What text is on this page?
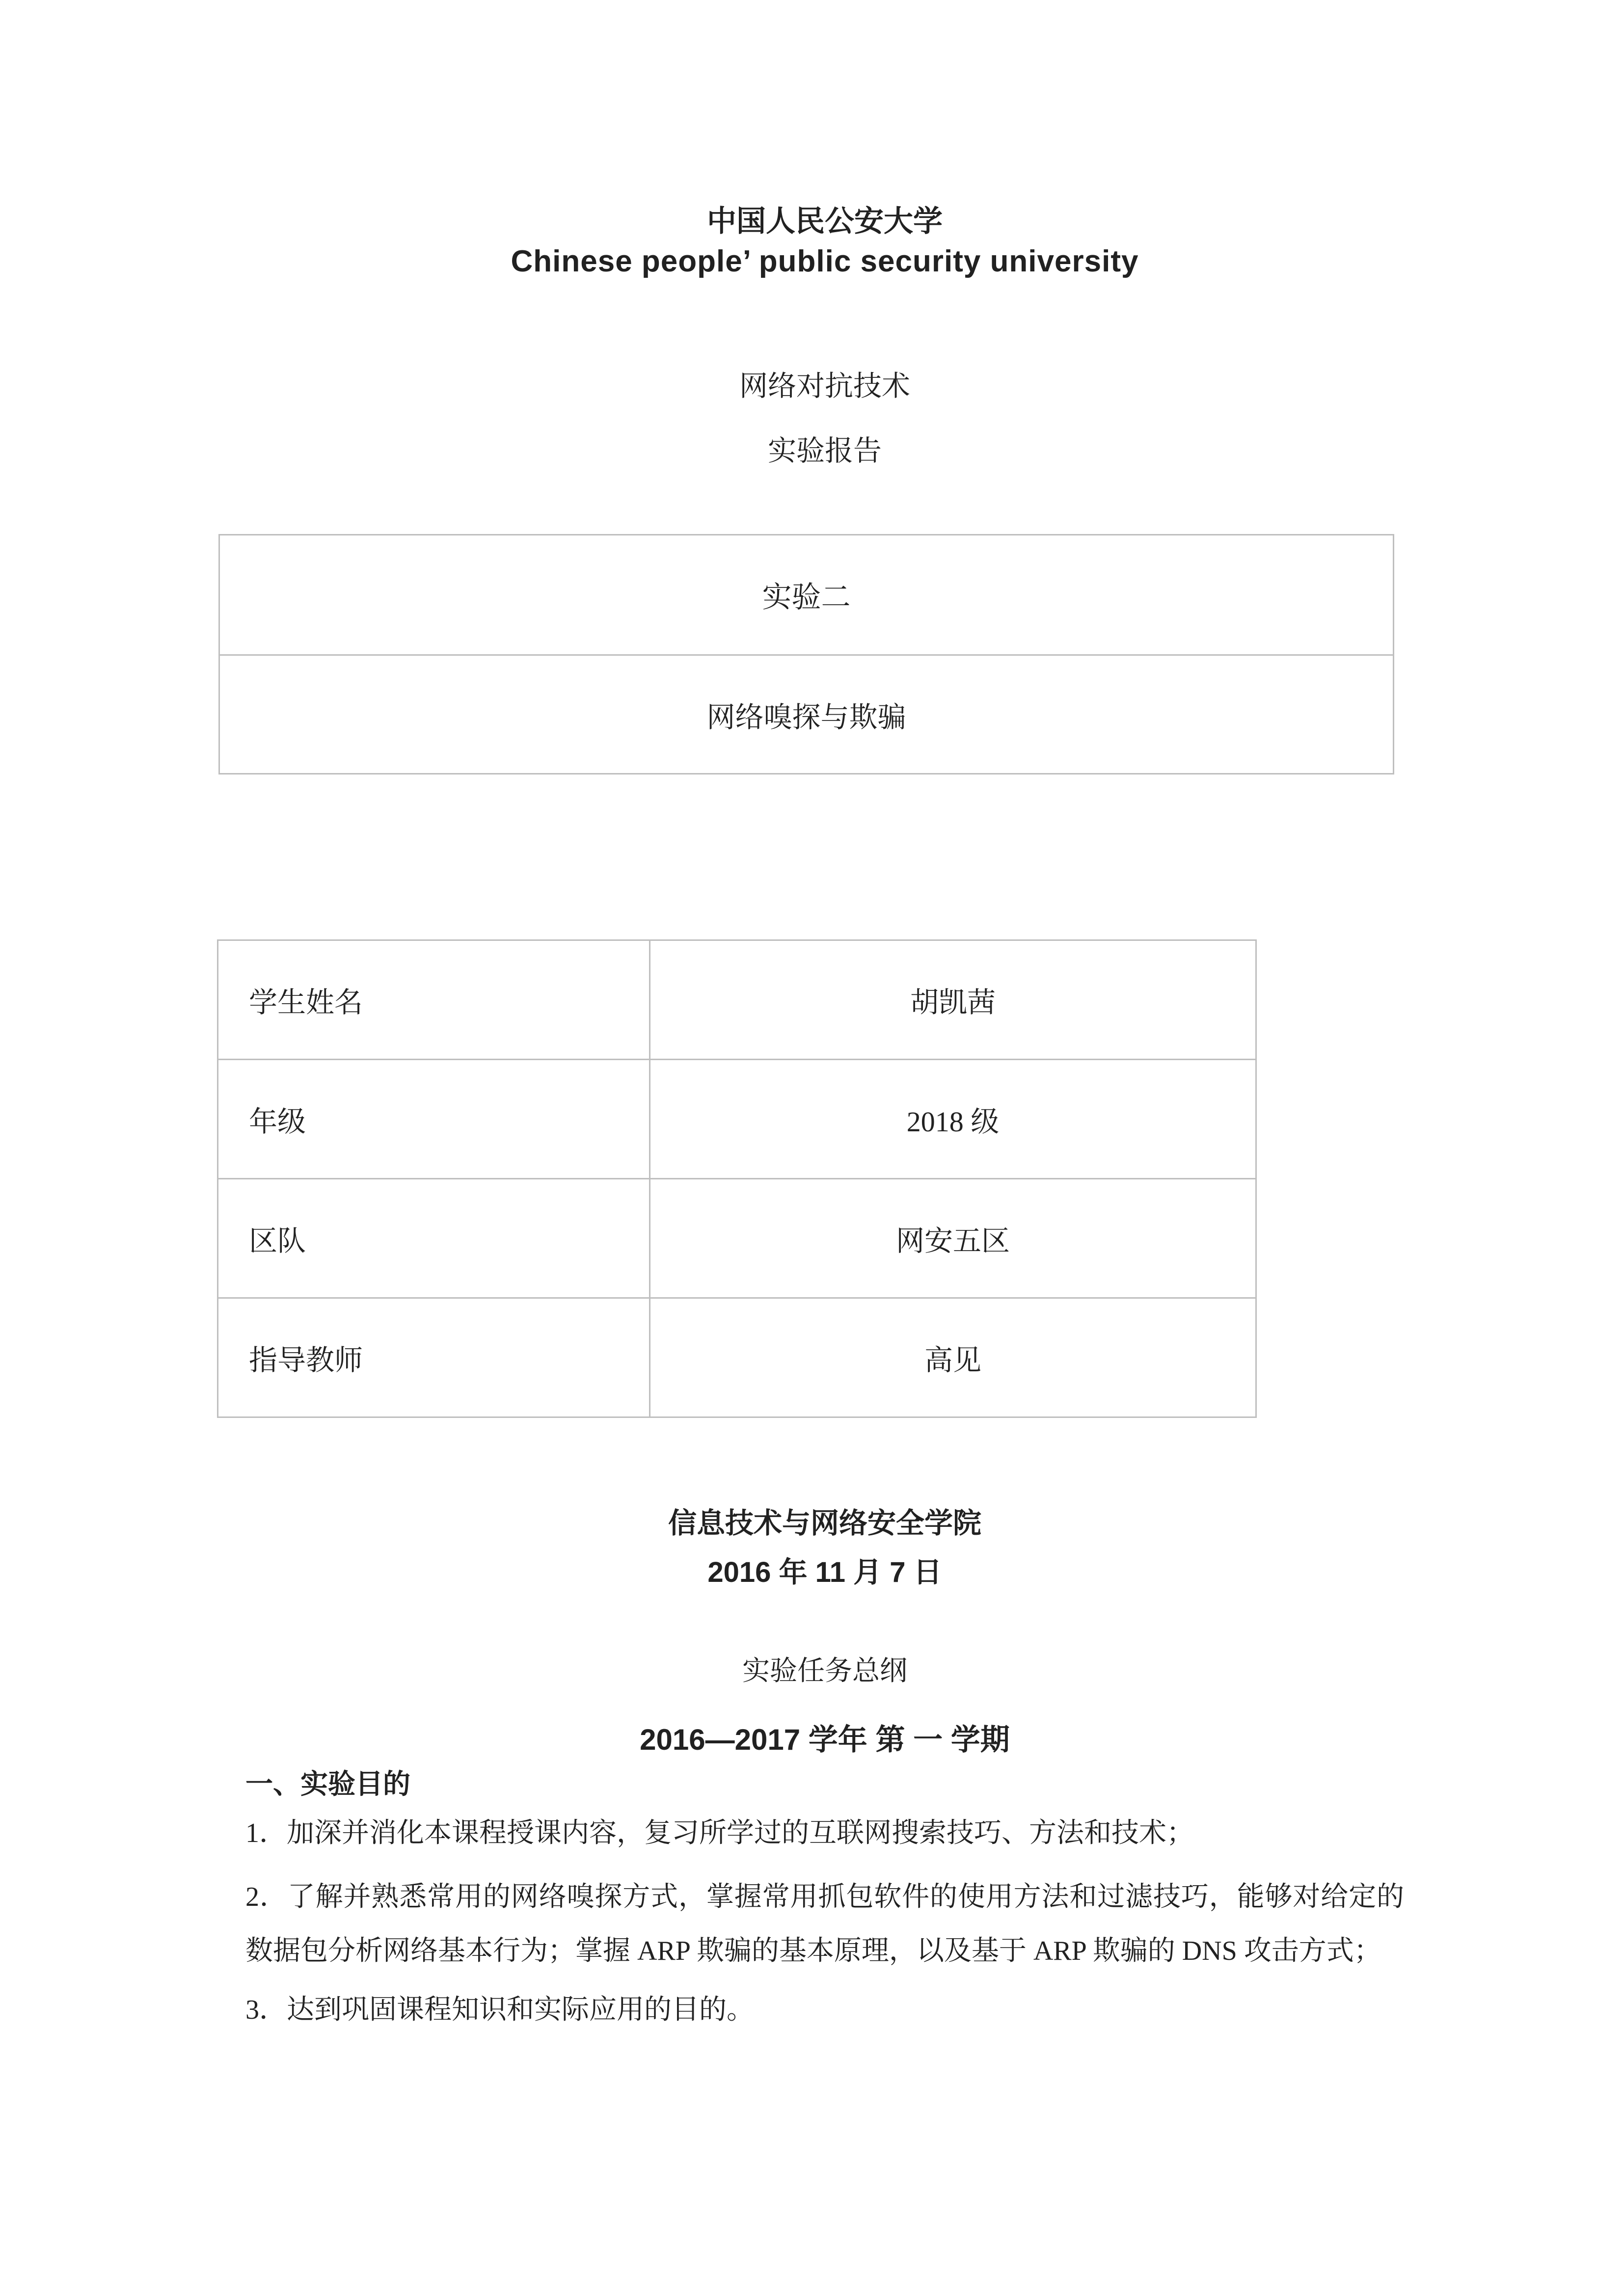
中国人民公安大学
Chinese people’ public security university
网络对抗技术
实验报告
实验二
网络嗅探与欺骗
学生姓名	胡凯茜
年级	2018 级
区队	网安五区
指导教师	高见
信息技术与网络安全学院
2016 年 11 月 7 日
实验任务总纲
2016—2017 学年 第 一 学期
一、实验目的

1．加深并消化本课程授课内容，复习所学过的互联网搜索技巧、方法和技术；

2．了解并熟悉常用的网络嗅探方式，掌握常用抓包软件的使用方法和过滤技巧，能够对给定的数据包分析网络基本行为；掌握 ARP 欺骗的基本原理，以及基于 ARP 欺骗的 DNS 攻击方式；

3．达到巩固课程知识和实际应用的目的。
